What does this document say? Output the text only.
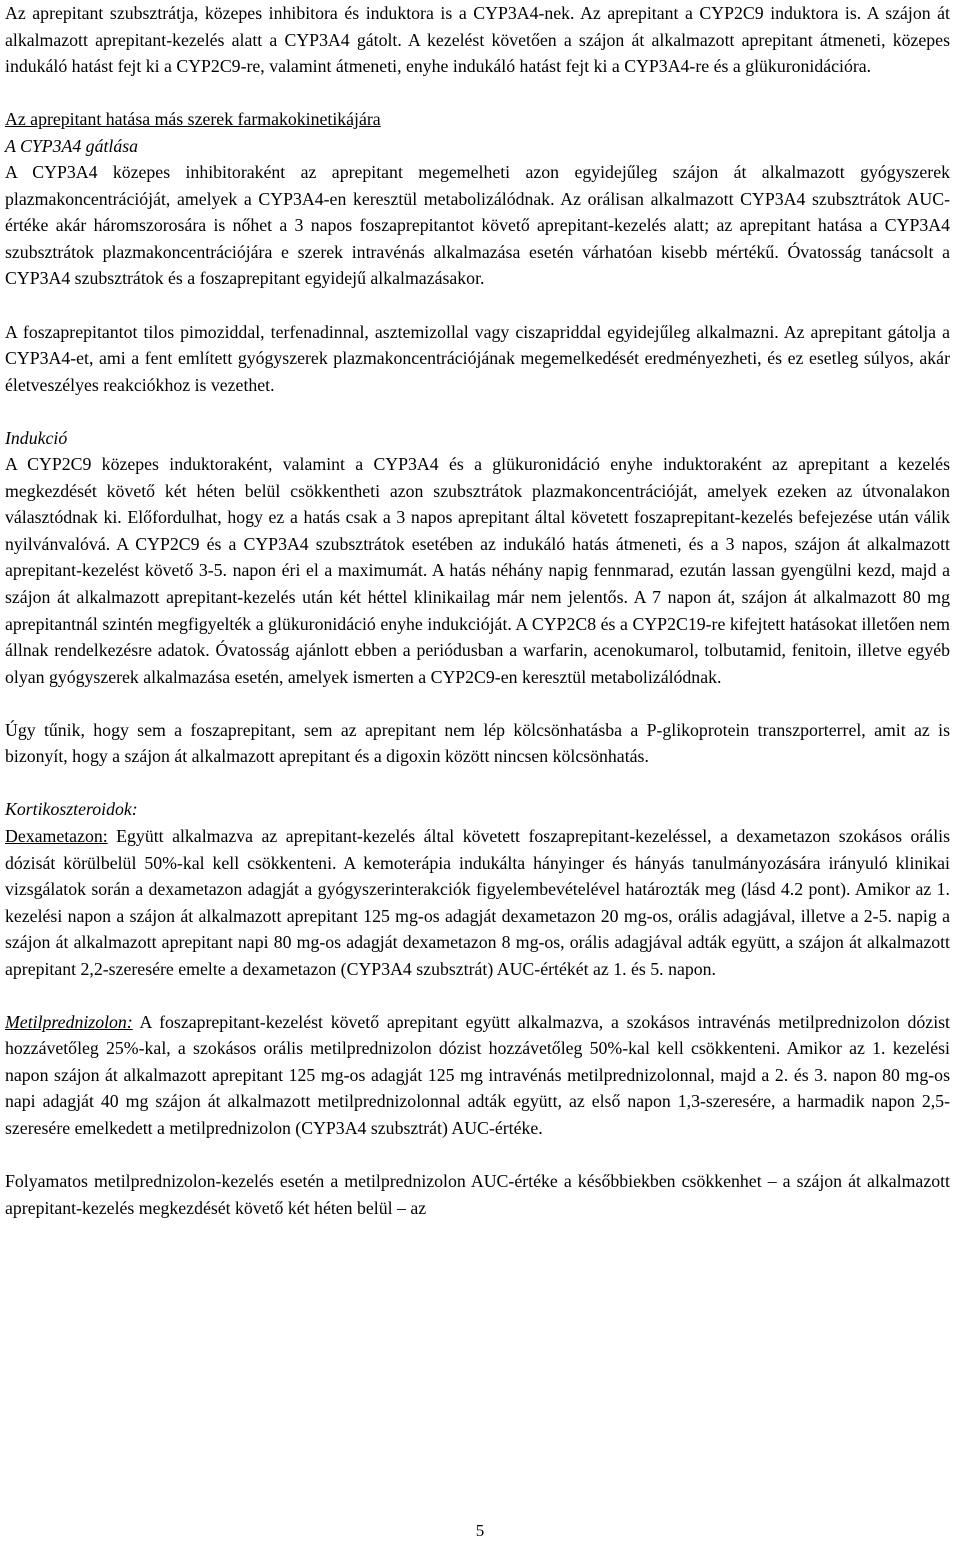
Az aprepitant szubsztrátja, közepes inhibitora és induktora is a CYP3A4-nek. Az aprepitant a CYP2C9 induktora is. A szájon át alkalmazott aprepitant-kezelés alatt a CYP3A4 gátolt. A kezelést követően a szájon át alkalmazott aprepitant átmeneti, közepes indukáló hatást fejt ki a CYP2C9-re, valamint átmeneti, enyhe indukáló hatást fejt ki a CYP3A4-re és a glükuronidációra.

Az aprepitant hatása más szerek farmakokinetikájára

A CYP3A4 gátlása

A CYP3A4 közepes inhibitoraként az aprepitant megemelheti azon egyidejűleg szájon át alkalmazott gyógyszerek plazmakoncentrációját, amelyek a CYP3A4-en keresztül metabolizálódnak. Az orálisan alkalmazott CYP3A4 szubsztrátok AUC-értéke akár háromszorosára is nőhet a 3 napos foszaprepitantot követő aprepitant-kezelés alatt; az aprepitant hatása a CYP3A4 szubsztrátok plazmakoncentrációjára e szerek intravénás alkalmazása esetén várhatóan kisebb mértékű. Óvatosság tanácsolt a CYP3A4 szubsztrátok és a foszaprepitant egyidejű alkalmazásakor.

A foszaprepitantot tilos pimoziddal, terfenadinnal, asztemizollal vagy ciszapriddal egyidejűleg alkalmazni. Az aprepitant gátolja a CYP3A4-et, ami a fent említett gyógyszerek plazmakoncentrációjának megemelkedését eredményezheti, és ez esetleg súlyos, akár életveszélyes reakciókhoz is vezethet.

Indukció

A CYP2C9 közepes induktoraként, valamint a CYP3A4 és a glükuronidáció enyhe induktoraként az aprepitant a kezelés megkezdését követő két héten belül csökkentheti azon szubsztrátok plazmakoncentrációját, amelyek ezeken az útvonalakon választódnak ki. Előfordulhat, hogy ez a hatás csak a 3 napos aprepitant által követett foszaprepitant-kezelés befejezése után válik nyilvánvalóvá. A CYP2C9 és a CYP3A4 szubsztrátok esetében az indukáló hatás átmeneti, és a 3 napos, szájon át alkalmazott aprepitant-kezelést követő 3-5. napon éri el a maximumát. A hatás néhány napig fennmarad, ezután lassan gyengülni kezd, majd a szájon át alkalmazott aprepitant-kezelés után két héttel klinikailag már nem jelentős. A 7 napon át, szájon át alkalmazott 80 mg aprepitantnál szintén megfigyelték a glükuronidáció enyhe indukcióját. A CYP2C8 és a CYP2C19-re kifejtett hatásokat illetően nem állnak rendelkezésre adatok. Óvatosság ajánlott ebben a periódusban a warfarin, acenokumarol, tolbutamid, fenitoin, illetve egyéb olyan gyógyszerek alkalmazása esetén, amelyek ismerten a CYP2C9-en keresztül metabolizálódnak.

Úgy tűnik, hogy sem a foszaprepitant, sem az aprepitant nem lép kölcsönhatásba a P-glikoprotein transzporterrel, amit az is bizonyít, hogy a szájon át alkalmazott aprepitant és a digoxin között nincsen kölcsönhatás.

Kortikoszteroidok:

Dexametazon: Együtt alkalmazva az aprepitant-kezelés által követett foszaprepitant-kezeléssel, a dexametazon szokásos orális dózisát körülbelül 50%-kal kell csökkenteni. A kemoterápia indukálta hányinger és hányás tanulmányozására irányuló klinikai vizsgálatok során a dexametazon adagját a gyógyszerinterakciók figyelembevételével határozták meg (lásd 4.2 pont). Amikor az 1. kezelési napon a szájon át alkalmazott aprepitant 125 mg-os adagját dexametazon 20 mg-os, orális adagjával, illetve a 2-5. napig a szájon át alkalmazott aprepitant napi 80 mg-os adagját dexametazon 8 mg-os, orális adagjával adták együtt, a szájon át alkalmazott aprepitant 2,2-szeresére emelte a dexametazon (CYP3A4 szubsztrát) AUC-értékét az 1. és 5. napon.

Metilprednizolon: A foszaprepitant-kezelést követő aprepitant együtt alkalmazva, a szokásos intravénás metilprednizolon dózist hozzávetőleg 25%-kal, a szokásos orális metilprednizolon dózist hozzávetőleg 50%-kal kell csökkenteni. Amikor az 1. kezelési napon szájon át alkalmazott aprepitant 125 mg-os adagját 125 mg intravénás metilprednizolonnal, majd a 2. és 3. napon 80 mg-os napi adagját 40 mg szájon át alkalmazott metilprednizolonnal adták együtt, az első napon 1,3-szeresére, a harmadik napon 2,5-szeresére emelkedett a metilprednizolon (CYP3A4 szubsztrát) AUC-értéke.

Folyamatos metilprednizolon-kezelés esetén a metilprednizolon AUC-értéke a későbbiekben csökkenhet – a szájon át alkalmazott aprepitant-kezelés megkezdését követő két héten belül – az

5
